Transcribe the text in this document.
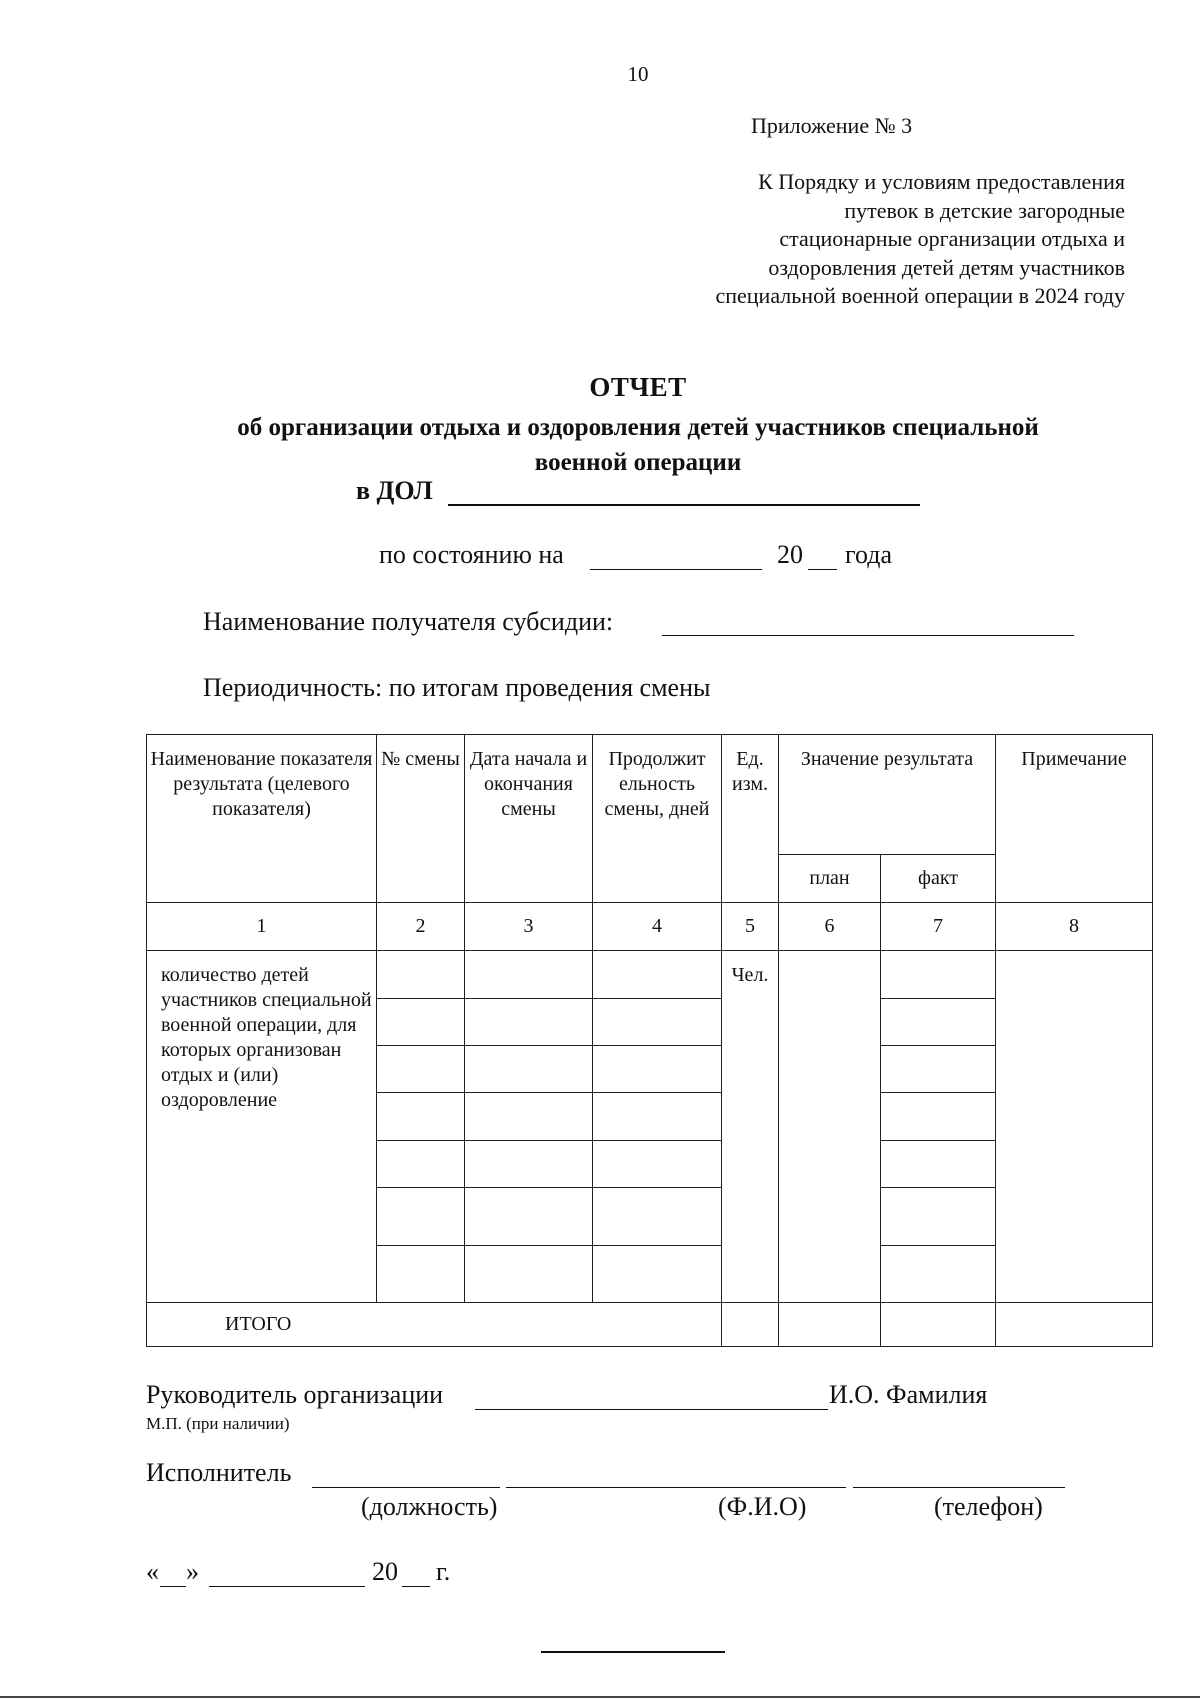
10
Приложение № 3
К Порядку и условиям предоставления
путевок в детские загородные
стационарные организации отдыха и
оздоровления детей детям участников
специальной военной операции в 2024 году
ОТЧЕТ
об организации отдыха и оздоровления детей участников специальной
военной операции
в ДОЛ
по состоянию на	20 года
Наименование получателя субсидии:
Периодичность: по итогам проведения смены
Наименование показателя результата (целевого показателя)	№ смены	Дата начала и окончания смены	Продолжит ельность смены, дней	Ед. изм.	Значение результата		Примечание
					план	факт	
1	2	3	4	5	6	7	8
количество детей участников специальной военной операции, для которых организован отдых и (или) оздоровление				Чел.			

ИТОГО							
Руководитель организации	И.О. Фамилия
М.П. (при наличии)
Исполнитель
(должность)	(Ф.И.О)	(телефон)
« »	20 г.
